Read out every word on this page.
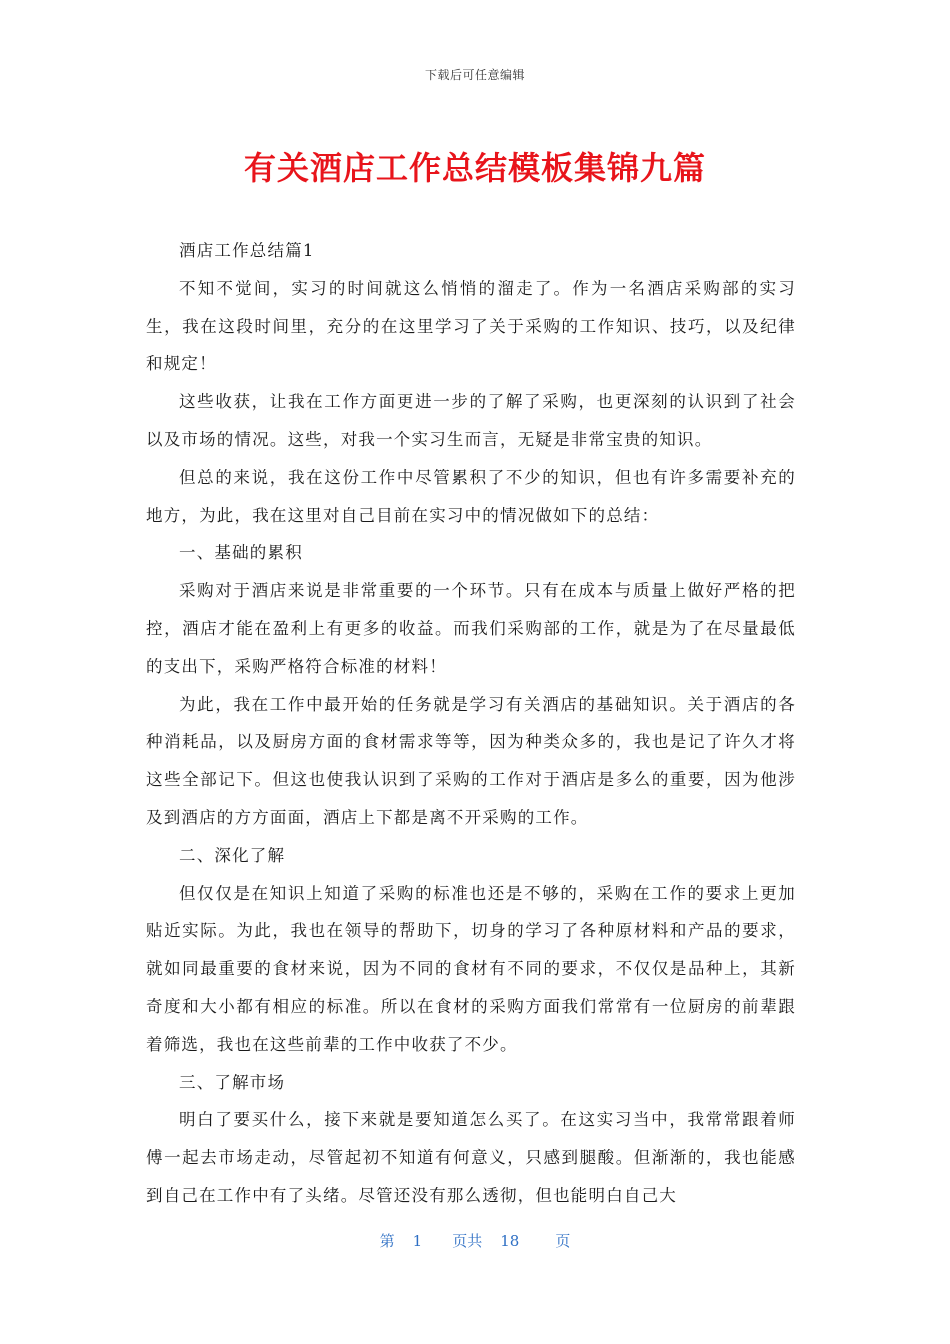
下载后可任意编辑
有关酒店工作总结模板集锦九篇

酒店工作总结篇1

不知不觉间，实习的时间就这么悄悄的溜走了。作为一名酒店采购部的实习生，我在这段时间里，充分的在这里学习了关于采购的工作知识、技巧，以及纪律和规定！

这些收获，让我在工作方面更进一步的了解了采购，也更深刻的认识到了社会以及市场的情况。这些，对我一个实习生而言，无疑是非常宝贵的知识。

但总的来说，我在这份工作中尽管累积了不少的知识，但也有许多需要补充的地方，为此，我在这里对自己目前在实习中的情况做如下的总结：

一、基础的累积

采购对于酒店来说是非常重要的一个环节。只有在成本与质量上做好严格的把控，酒店才能在盈利上有更多的收益。而我们采购部的工作，就是为了在尽量最低的支出下，采购严格符合标准的材料！

为此，我在工作中最开始的任务就是学习有关酒店的基础知识。关于酒店的各种消耗品，以及厨房方面的食材需求等等，因为种类众多的，我也是记了许久才将这些全部记下。但这也使我认识到了采购的工作对于酒店是多么的重要，因为他涉及到酒店的方方面面，酒店上下都是离不开采购的工作。

二、深化了解

但仅仅是在知识上知道了采购的标准也还是不够的，采购在工作的要求上更加贴近实际。为此，我也在领导的帮助下，切身的学习了各种原材料和产品的要求，就如同最重要的食材来说，因为不同的食材有不同的要求，不仅仅是品种上，其新奇度和大小都有相应的标准。所以在食材的采购方面我们常常有一位厨房的前辈跟着筛选，我也在这些前辈的工作中收获了不少。

三、了解市场

明白了要买什么，接下来就是要知道怎么买了。在这实习当中，我常常跟着师傅一起去市场走动，尽管起初不知道有何意义，只感到腿酸。但渐渐的，我也能感到自己在工作中有了头绪。尽管还没有那么透彻，但也能明白自己大

第 1 页共 18 页
